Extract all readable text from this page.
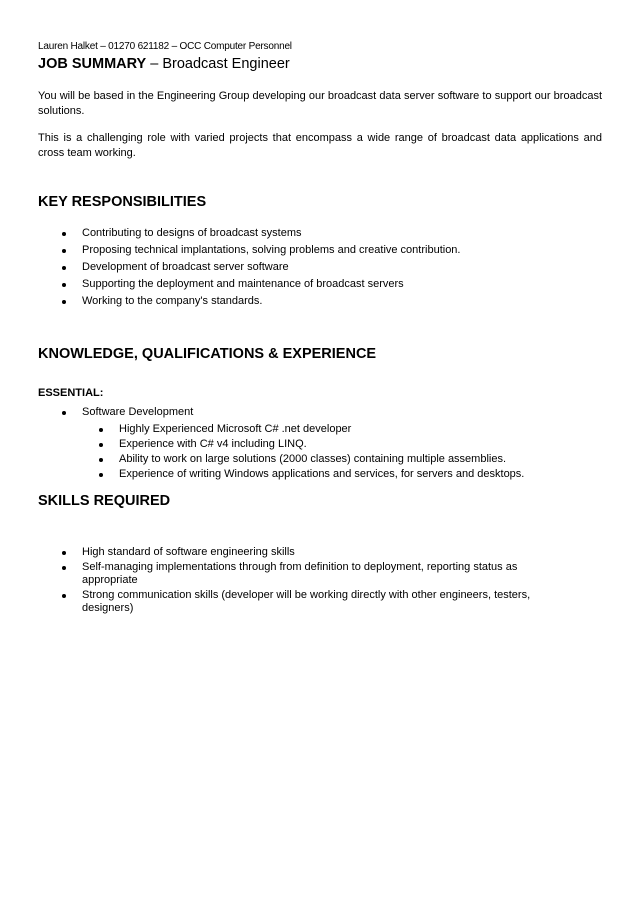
Lauren Halket – 01270 621182 – OCC Computer Personnel
JOB SUMMARY – Broadcast Engineer

You will be based in the Engineering Group developing our broadcast data server software to support our broadcast solutions.

This is a challenging role with varied projects that encompass a wide range of broadcast data applications and cross team working.

KEY RESPONSIBILITIES
Contributing to designs of broadcast systems
Proposing technical implantations, solving problems and creative contribution.
Development of broadcast server software
Supporting the deployment and maintenance of broadcast servers
Working to the company's standards.
KNOWLEDGE, QUALIFICATIONS & EXPERIENCE
ESSENTIAL:
Software Development
Highly Experienced Microsoft C# .net developer
Experience with C# v4 including LINQ.
Ability to work on large solutions (2000 classes) containing multiple assemblies.
Experience of writing Windows applications and services, for servers and desktops.
SKILLS REQUIRED
High standard of software engineering skills
Self-managing implementations through from definition to deployment, reporting status as appropriate
Strong communication skills (developer will be working directly with other engineers, testers, designers)
